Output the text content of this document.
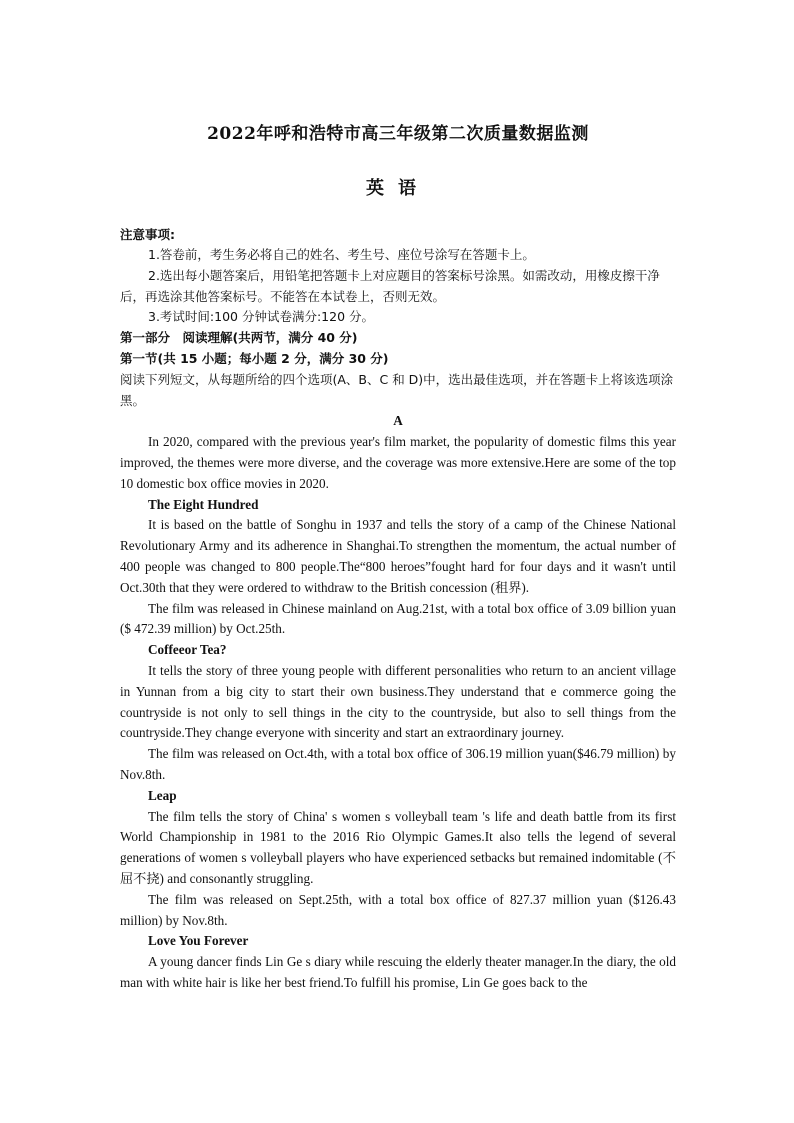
2022年呼和浩特市高三年级第二次质量数据监测
英语
注意事项:

1.答卷前，考生务必将自己的姓名、考生号、座位号涂写在答题卡上。

2.选出每小题答案后，用铅笔把答题卡上对应题目的答案标号涂黑。如需改动，用橡皮擦干净后，再选涂其他答案标号。不能答在本试卷上，否则无效。

3.考试时间:100 分钟试卷满分:120 分。

第一部分　阅读理解(共两节，满分 40 分)

第一节(共 15 小题；每小题 2 分，满分 30 分)

阅读下列短文，从每题所给的四个选项(A、B、C 和 D)中，选出最佳选项，并在答题卡上将该选项涂黑。

A

In 2020, compared with the previous year's film market, the popularity of domestic films this year improved, the themes were more diverse, and the coverage was more extensive.Here are some of the top 10 domestic box office movies in 2020.

The Eight Hundred

It is based on the battle of Songhu in 1937 and tells the story of a camp of the Chinese National Revolutionary Army and its adherence in Shanghai.To strengthen the momentum, the actual number of 400 people was changed to 800 people.The“800 heroes”fought hard for four days and it wasn't until Oct.30th that they were ordered to withdraw to the British concession (租界).

The film was released in Chinese mainland on Aug.21st, with a total box office of 3.09 billion yuan ($ 472.39 million) by Oct.25th.

Coffeeor Tea?

It tells the story of three young people with different personalities who return to an ancient village in Yunnan from a big city to start their own business.They understand that e commerce going the countryside is not only to sell things in the city to the countryside, but also to sell things from the countryside.They change everyone with sincerity and start an extraordinary journey.

The film was released on Oct.4th, with a total box office of 306.19 million yuan($46.79 million) by Nov.8th.

Leap

The film tells the story of China' s women s volleyball team 's life and death battle from its first World Championship in 1981 to the 2016 Rio Olympic Games.It also tells the legend of several generations of women s volleyball players who have experienced setbacks but remained indomitable (不屈不挠) and consonantly struggling.

The film was released on Sept.25th, with a total box office of 827.37 million yuan ($126.43 million) by Nov.8th.

Love You Forever

A young dancer finds Lin Ge s diary while rescuing the elderly theater manager.In the diary, the old man with white hair is like her best friend.To fulfill his promise, Lin Ge goes back to the
